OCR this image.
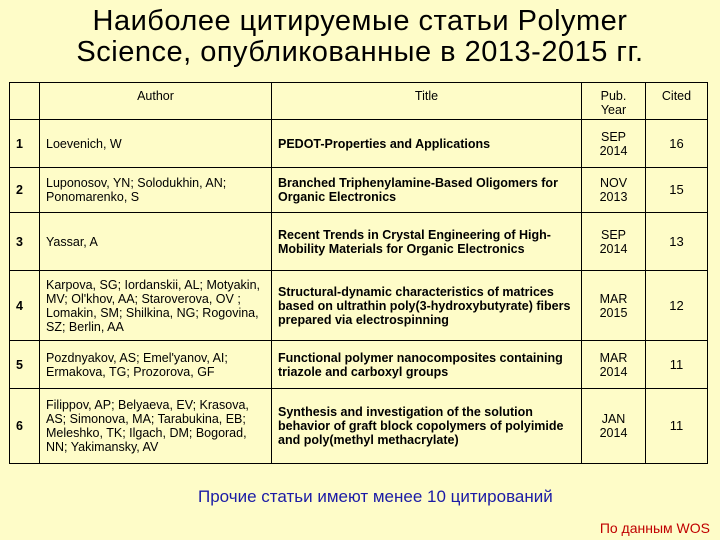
Наиболее цитируемые статьи Polymer
Science, опубликованные в 2013-2015 гг.
	Author	Title	Pub. Year	Cited
1	Loevenich, W	PEDOT-Properties and Applications	SEP 2014	16
2	Luponosov, YN; Solodukhin, AN; Ponomarenko, S	Branched Triphenylamine-Based Oligomers for Organic Electronics	NOV 2013	15
3	Yassar, A	Recent Trends in Crystal Engineering of High-Mobility Materials for Organic Electronics	SEP 2014	13
4	Karpova, SG; Iordanskii, AL; Motyakin, MV; Ol'khov, AA; Staroverova, OV ; Lomakin, SM; Shilkina, NG; Rogovina, SZ; Berlin, AA	Structural-dynamic characteristics of matrices based on ultrathin poly(3-hydroxybutyrate) fibers prepared via electrospinning	MAR 2015	12
5	Pozdnyakov, AS; Emel'yanov, AI; Ermakova, TG; Prozorova, GF	Functional polymer nanocomposites containing triazole and carboxyl groups	MAR 2014	11
6	Filippov, AP; Belyaeva, EV; Krasova, AS; Simonova, MA; Tarabukina, EB; Meleshko, TK; Ilgach, DM; Bogorad, NN; Yakimansky, AV	Synthesis and investigation of the solution behavior of graft block copolymers of polyimide and poly(methyl methacrylate)	JAN 2014	11
Прочие статьи имеют менее 10 цитирований
По данным WOS
